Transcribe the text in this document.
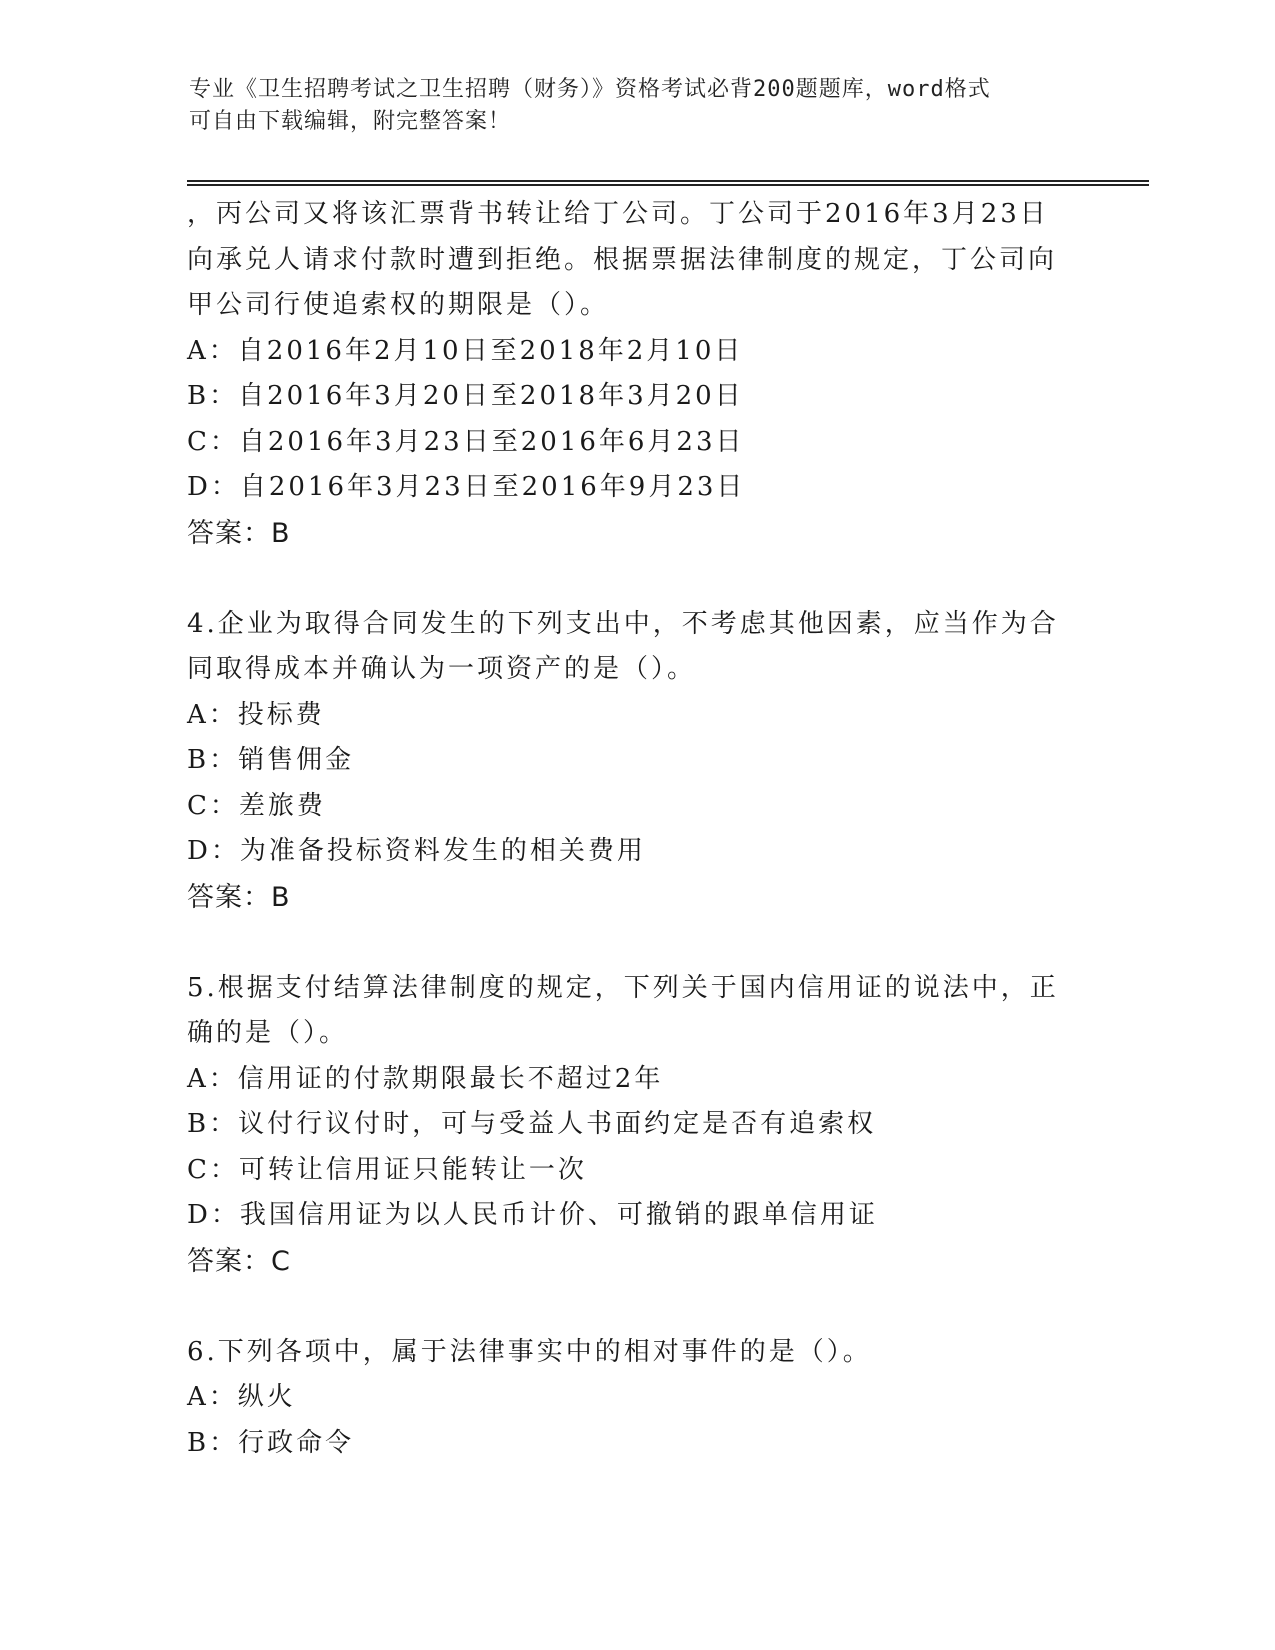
专业《卫生招聘考试之卫生招聘（财务）》资格考试必背200题题库，word格式
可自由下载编辑，附完整答案！
，丙公司又将该汇票背书转让给丁公司。丁公司于2016年3月23日
向承兑人请求付款时遭到拒绝。根据票据法律制度的规定，丁公司向
甲公司行使追索权的期限是（）。
A：自2016年2月10日至2018年2月10日
B：自2016年3月20日至2018年3月20日
C：自2016年3月23日至2016年6月23日
D：自2016年3月23日至2016年9月23日
答案：B
4.企业为取得合同发生的下列支出中，不考虑其他因素，应当作为合
同取得成本并确认为一项资产的是（）。
A：投标费
B：销售佣金
C：差旅费
D：为准备投标资料发生的相关费用
答案：B
5.根据支付结算法律制度的规定，下列关于国内信用证的说法中，正
确的是（）。
A：信用证的付款期限最长不超过2年
B：议付行议付时，可与受益人书面约定是否有追索权
C：可转让信用证只能转让一次
D：我国信用证为以人民币计价、可撤销的跟单信用证
答案：C
6.下列各项中，属于法律事实中的相对事件的是（）。
A：纵火
B：行政命令
